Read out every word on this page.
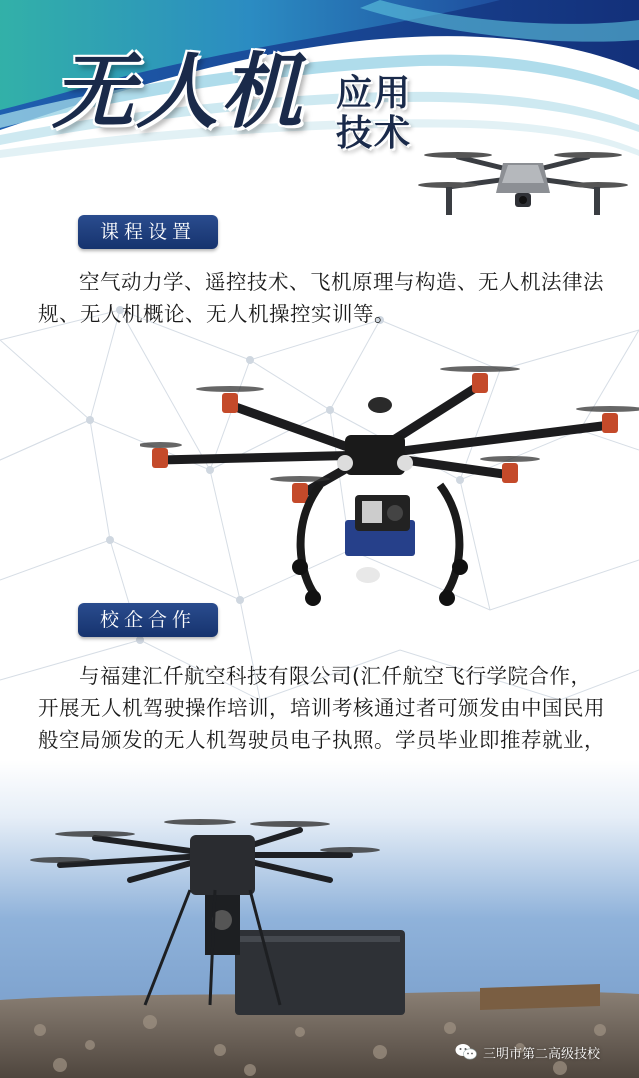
无人机 应用
技术
课程设置
空气动力学、遥控技术、飞机原理与构造、无人机法律法规、无人机概论、无人机操控实训等。
校企合作
与福建汇仟航空科技有限公司(汇仟航空飞行学院合作，开展无人机驾驶操作培训，培训考核通过者可颁发由中国民用般空局颁发的无人机驾驶员电子执照。学员毕业即推荐就业，
三明市第二高级技校
